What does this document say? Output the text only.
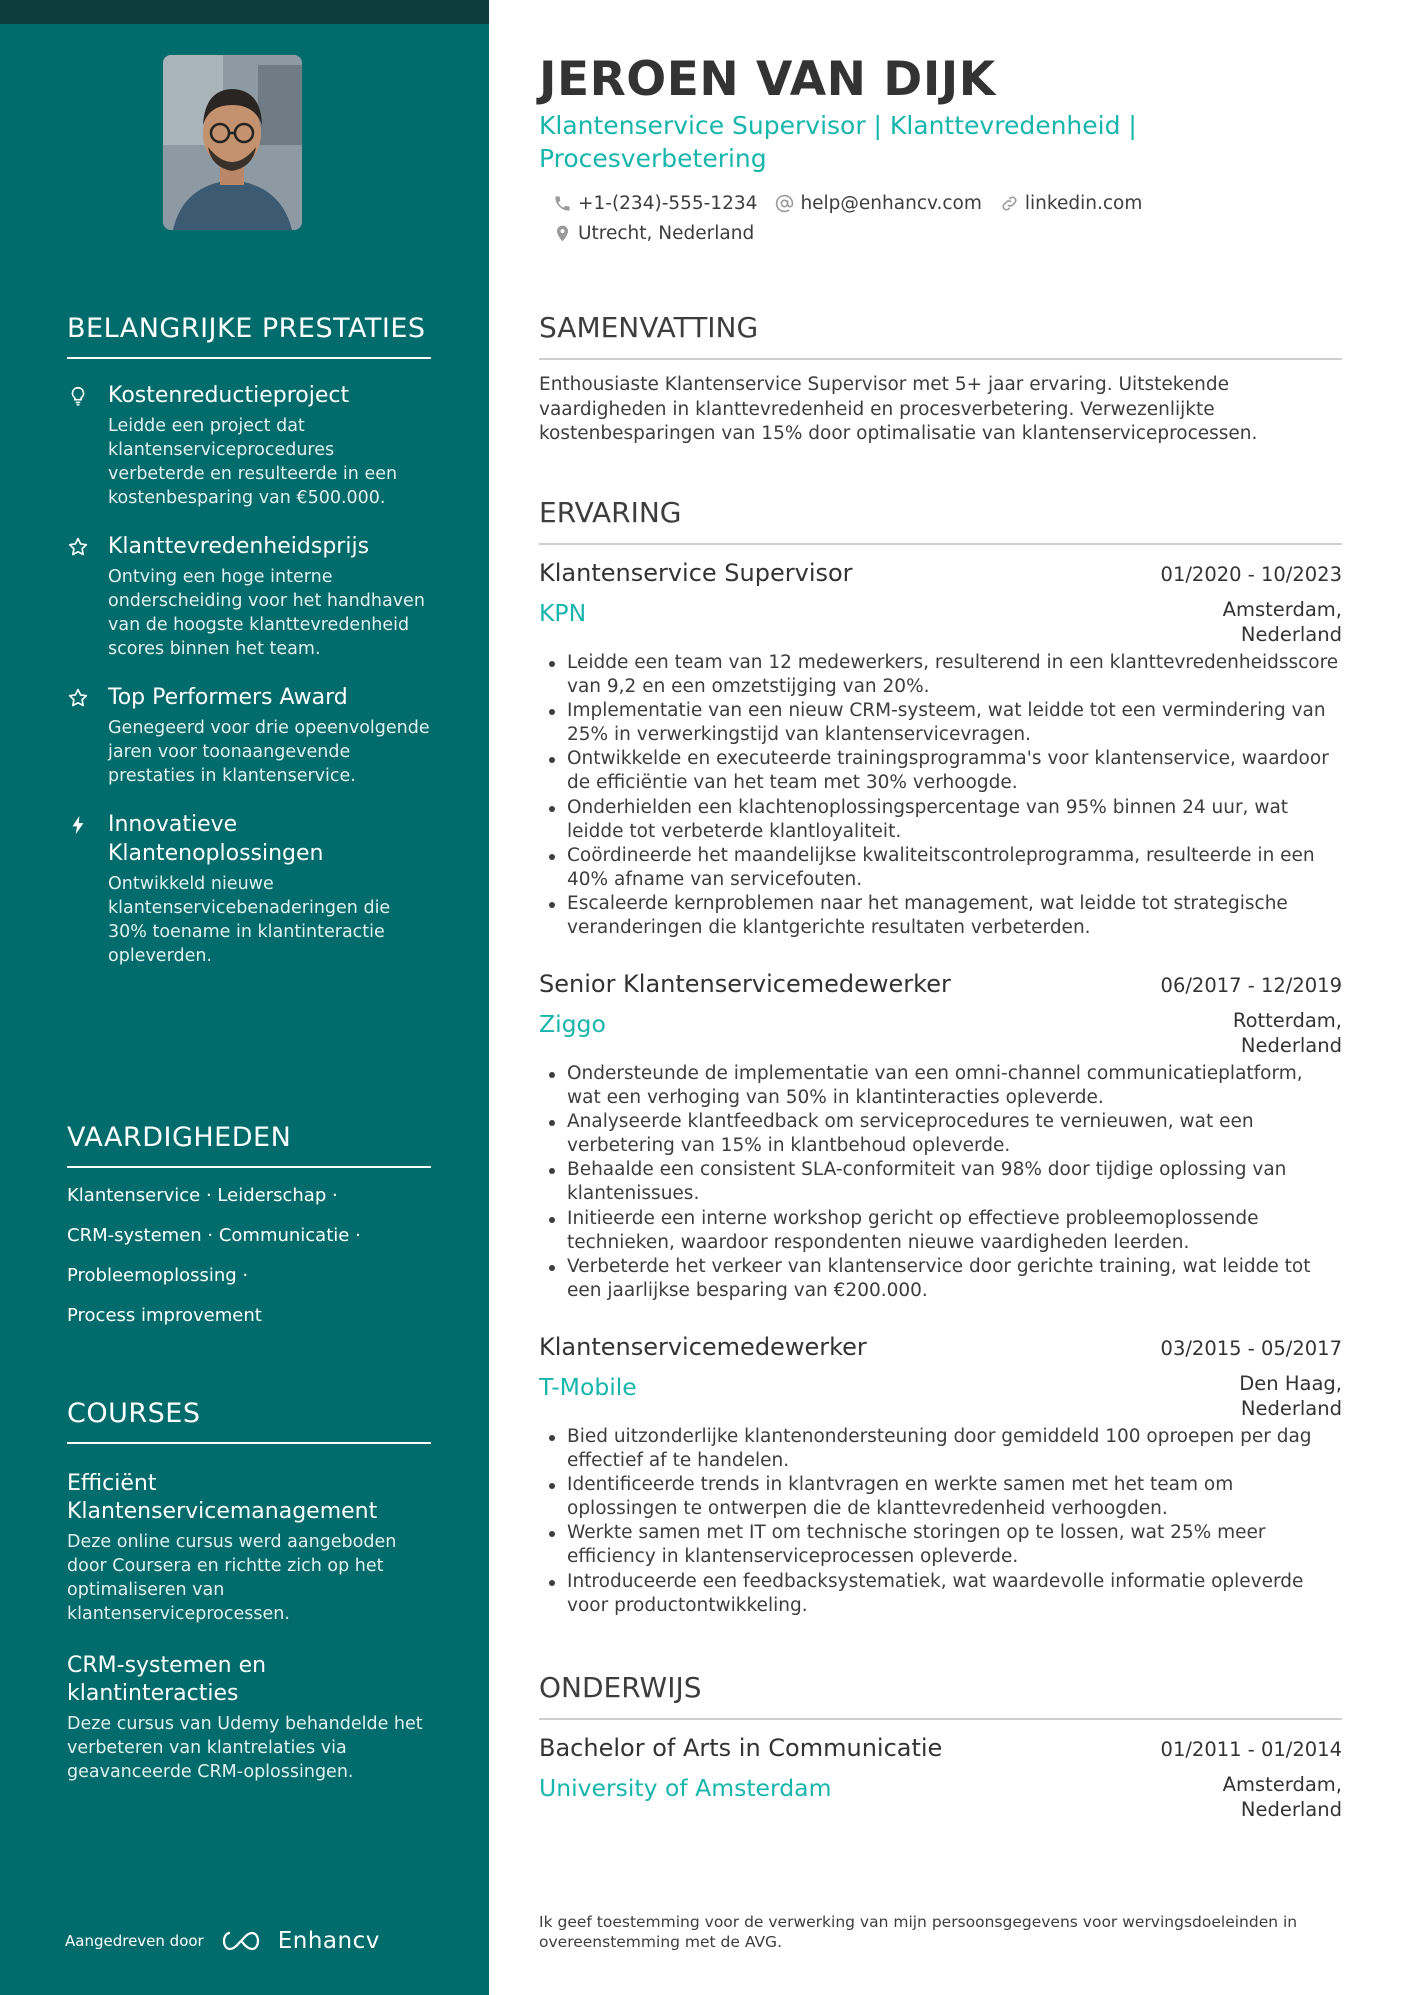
BELANGRIJKE PRESTATIES
Kostenreductieproject
Leidde een project dat klantenserviceprocedures verbeterde en resulteerde in een kostenbesparing van €500.000.
Klanttevredenheidsprijs
Ontving een hoge interne onderscheiding voor het handhaven van de hoogste klanttevredenheid scores binnen het team.
Top Performers Award
Genegeerd voor drie opeenvolgende jaren voor toonaangevende prestaties in klantenservice.
Innovatieve Klantenoplossingen
Ontwikkeld nieuwe klantenservicebenaderingen die 30% toename in klantinteractie opleverden.
VAARDIGHEDEN
Klantenservice · Leiderschap ·
CRM-systemen · Communicatie ·
Probleemoplossing ·
Process improvement
COURSES
Efficiënt Klantenservicemanagement
Deze online cursus werd aangeboden door Coursera en richtte zich op het optimaliseren van klantenserviceprocessen.
CRM-systemen en klantinteracties
Deze cursus van Udemy behandelde het verbeteren van klantrelaties via geavanceerde CRM-oplossingen.
Aangedreven door	Enhancv
JEROEN VAN DIJK
Klantenservice Supervisor | Klanttevredenheid | Procesverbetering
+1-(234)-555-1234 help@enhancv.com linkedin.com
Utrecht, Nederland
SAMENVATTING
Enthousiaste Klantenservice Supervisor met 5+ jaar ervaring. Uitstekende vaardigheden in klanttevredenheid en procesverbetering. Verwezenlijkte kostenbesparingen van 15% door optimalisatie van klantenserviceprocessen.
ERVARING
Klantenservice Supervisor	01/2020 - 10/2023
KPN	Amsterdam, Nederland
Leidde een team van 12 medewerkers, resulterend in een klanttevredenheidsscore van 9,2 en een omzetstijging van 20%.
Implementatie van een nieuw CRM-systeem, wat leidde tot een vermindering van 25% in verwerkingstijd van klantenservicevragen.
Ontwikkelde en executeerde trainingsprogramma's voor klantenservice, waardoor de efficiëntie van het team met 30% verhoogde.
Onderhielden een klachtenoplossingspercentage van 95% binnen 24 uur, wat leidde tot verbeterde klantloyaliteit.
Coördineerde het maandelijkse kwaliteitscontroleprogramma, resulteerde in een 40% afname van servicefouten.
Escaleerde kernproblemen naar het management, wat leidde tot strategische veranderingen die klantgerichte resultaten verbeterden.
Senior Klantenservicemedewerker	06/2017 - 12/2019
Ziggo	Rotterdam, Nederland
Ondersteunde de implementatie van een omni-channel communicatieplatform, wat een verhoging van 50% in klantinteracties opleverde.
Analyseerde klantfeedback om serviceprocedures te vernieuwen, wat een verbetering van 15% in klantbehoud opleverde.
Behaalde een consistent SLA-conformiteit van 98% door tijdige oplossing van klantenissues.
Initieerde een interne workshop gericht op effectieve probleemoplossende technieken, waardoor respondenten nieuwe vaardigheden leerden.
Verbeterde het verkeer van klantenservice door gerichte training, wat leidde tot een jaarlijkse besparing van €200.000.
Klantenservicemedewerker	03/2015 - 05/2017
T-Mobile	Den Haag, Nederland
Bied uitzonderlijke klantenondersteuning door gemiddeld 100 oproepen per dag effectief af te handelen.
Identificeerde trends in klantvragen en werkte samen met het team om oplossingen te ontwerpen die de klanttevredenheid verhoogden.
Werkte samen met IT om technische storingen op te lossen, wat 25% meer efficiency in klantenserviceprocessen opleverde.
Introduceerde een feedbacksystematiek, wat waardevolle informatie opleverde voor productontwikkeling.
ONDERWIJS
Bachelor of Arts in Communicatie	01/2011 - 01/2014
University of Amsterdam	Amsterdam, Nederland
Ik geef toestemming voor de verwerking van mijn persoonsgegevens voor wervingsdoeleinden in overeenstemming met de AVG.
